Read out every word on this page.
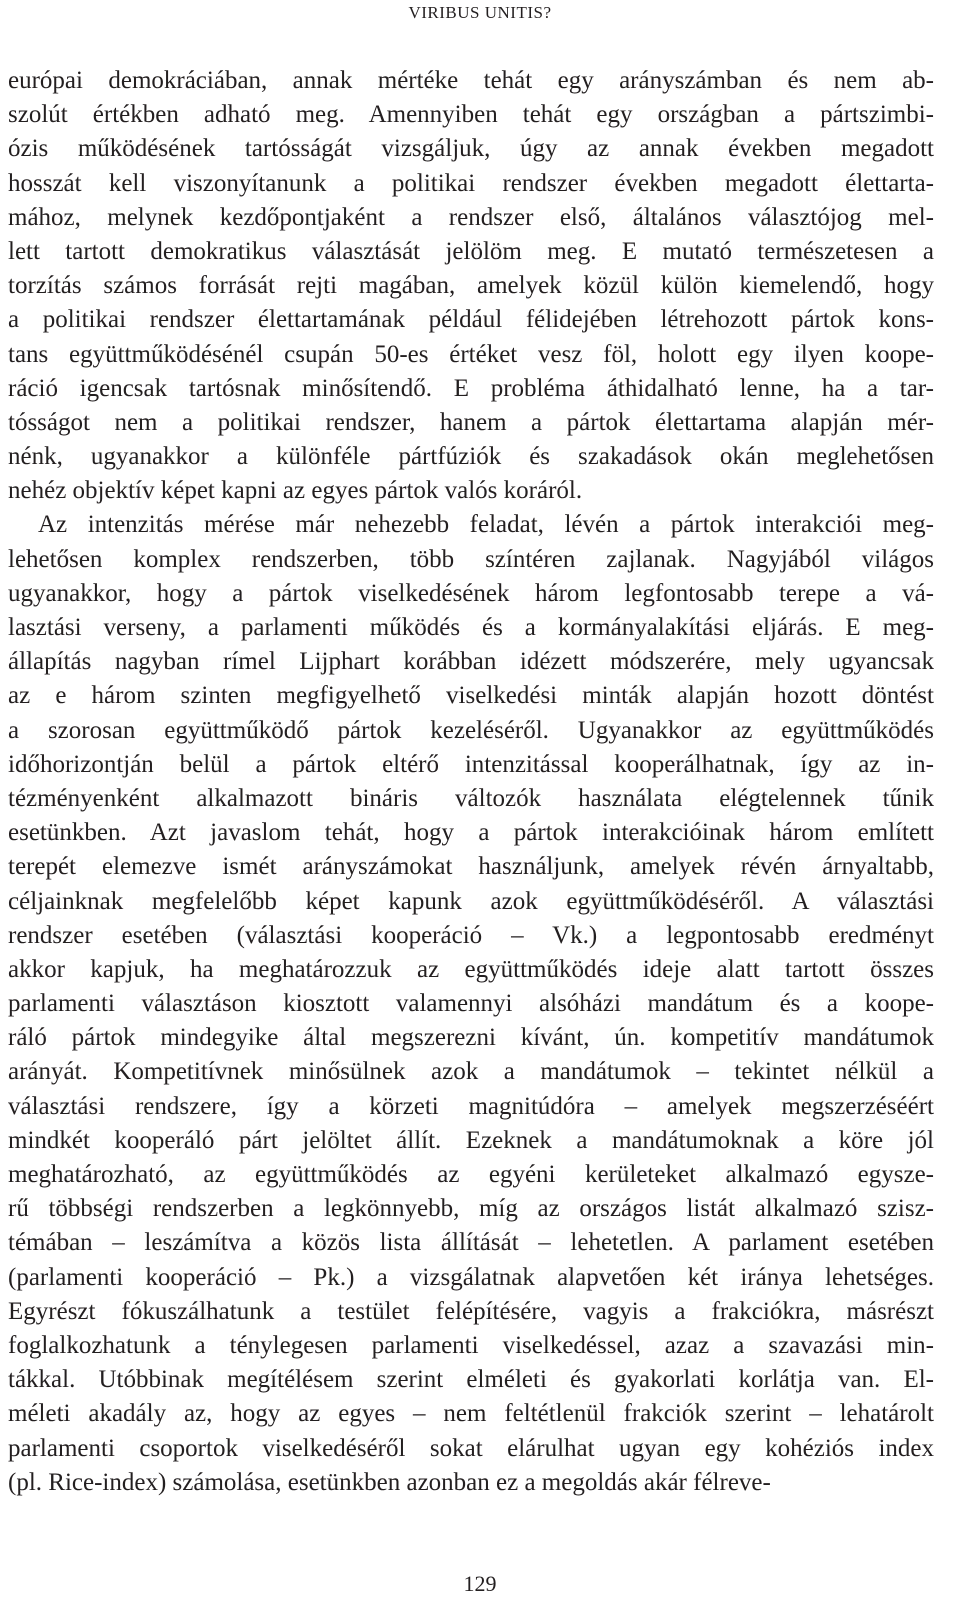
VIRIBUS UNITIS?
európai demokráciában, annak mértéke tehát egy arányszámban és nem ab-
szolút értékben adható meg. Amennyiben tehát egy országban a pártszimbi-
ózis működésének tartósságát vizsgáljuk, úgy az annak években megadott
hosszát kell viszonyítanunk a politikai rendszer években megadott élettarta-
mához, melynek kezdőpontjaként a rendszer első, általános választójog mel-
lett tartott demokratikus választását jelölöm meg. E mutató természetesen a
torzítás számos forrását rejti magában, amelyek közül külön kiemelendő, hogy
a politikai rendszer élettartamának például félidejében létrehozott pártok kons-
tans együttműködésénél csupán 50-es értéket vesz föl, holott egy ilyen koope-
ráció igencsak tartósnak minősítendő. E probléma áthidalható lenne, ha a tar-
tósságot nem a politikai rendszer, hanem a pártok élettartama alapján mér-
nénk, ugyanakkor a különféle pártfúziók és szakadások okán meglehetősen
nehéz objektív képet kapni az egyes pártok valós koráról.
Az intenzitás mérése már nehezebb feladat, lévén a pártok interakciói meg-
lehetősen komplex rendszerben, több színtéren zajlanak. Nagyjából világos
ugyanakkor, hogy a pártok viselkedésének három legfontosabb terepe a vá-
lasztási verseny, a parlamenti működés és a kormányalakítási eljárás. E meg-
állapítás nagyban rímel Lijphart korábban idézett módszerére, mely ugyancsak
az e három szinten megfigyelhető viselkedési minták alapján hozott döntést
a szorosan együttműködő pártok kezeléséről. Ugyanakkor az együttműködés
időhorizontján belül a pártok eltérő intenzitással kooperálhatnak, így az in-
tézményenként alkalmazott bináris változók használata elégtelennek tűnik
esetünkben. Azt javaslom tehát, hogy a pártok interakcióinak három említett
terepét elemezve ismét arányszámokat használjunk, amelyek révén árnyaltabb,
céljainknak megfelelőbb képet kapunk azok együttműködéséről. A választási
rendszer esetében (választási kooperáció – Vk.) a legpontosabb eredményt
akkor kapjuk, ha meghatározzuk az együttműködés ideje alatt tartott összes
parlamenti választáson kiosztott valamennyi alsóházi mandátum és a koope-
ráló pártok mindegyike által megszerezni kívánt, ún. kompetitív mandátumok
arányát. Kompetitívnek minősülnek azok a mandátumok – tekintet nélkül a
választási rendszere, így a körzeti magnitúdóra – amelyek megszerzéséért
mindkét kooperáló párt jelöltet állít. Ezeknek a mandátumoknak a köre jól
meghatározható, az együttműködés az egyéni kerületeket alkalmazó egysze-
rű többségi rendszerben a legkönnyebb, míg az országos listát alkalmazó szisz-
témában – leszámítva a közös lista állítását – lehetetlen. A parlament esetében
(parlamenti kooperáció – Pk.) a vizsgálatnak alapvetően két iránya lehetséges.
Egyrészt fókuszálhatunk a testület felépítésére, vagyis a frakciókra, másrészt
foglalkozhatunk a ténylegesen parlamenti viselkedéssel, azaz a szavazási min-
tákkal. Utóbbinak megítélésem szerint elméleti és gyakorlati korlátja van. El-
méleti akadály az, hogy az egyes – nem feltétlenül frakciók szerint – lehatárolt
parlamenti csoportok viselkedéséről sokat elárulhat ugyan egy kohéziós index
(pl. Rice-index) számolása, esetünkben azonban ez a megoldás akár félreve-
129
